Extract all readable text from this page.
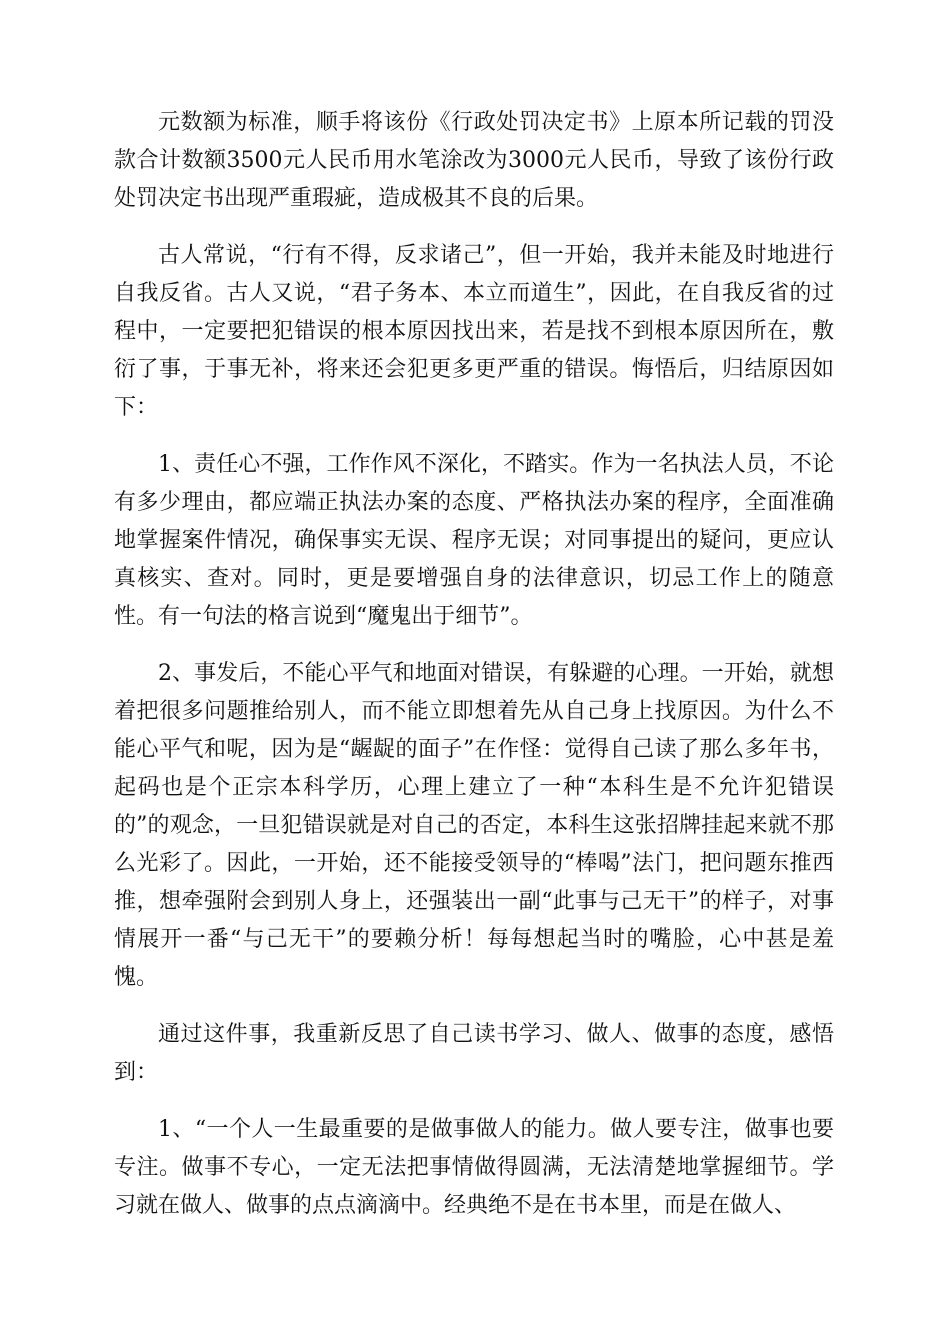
元数额为标准，顺手将该份《行政处罚决定书》上原本所记载的罚没款合计数额3500元人民币用水笔涂改为3000元人民币，导致了该份行政处罚决定书出现严重瑕疵，造成极其不良的后果。

古人常说，“行有不得，反求诸己”，但一开始，我并未能及时地进行自我反省。古人又说，“君子务本、本立而道生”，因此，在自我反省的过程中，一定要把犯错误的根本原因找出来，若是找不到根本原因所在，敷衍了事，于事无补，将来还会犯更多更严重的错误。悔悟后，归结原因如下：

1、责任心不强，工作作风不深化，不踏实。作为一名执法人员，不论有多少理由，都应端正执法办案的态度、严格执法办案的程序，全面准确地掌握案件情况，确保事实无误、程序无误；对同事提出的疑问，更应认真核实、查对。同时，更是要增强自身的法律意识，切忌工作上的随意性。有一句法的格言说到“魔鬼出于细节”。

2、事发后，不能心平气和地面对错误，有躲避的心理。一开始，就想着把很多问题推给别人，而不能立即想着先从自己身上找原因。为什么不能心平气和呢，因为是“龌龊的面子”在作怪：觉得自己读了那么多年书，起码也是个正宗本科学历，心理上建立了一种“本科生是不允许犯错误的”的观念，一旦犯错误就是对自己的否定，本科生这张招牌挂起来就不那么光彩了。因此，一开始，还不能接受领导的“棒喝”法门，把问题东推西推，想牵强附会到别人身上，还强装出一副“此事与己无干”的样子，对事情展开一番“与己无干”的要赖分析！每每想起当时的嘴脸，心中甚是羞愧。

通过这件事，我重新反思了自己读书学习、做人、做事的态度，感悟到：

1、“一个人一生最重要的是做事做人的能力。做人要专注，做事也要专注。做事不专心，一定无法把事情做得圆满，无法清楚地掌握细节。学习就在做人、做事的点点滴滴中。经典绝不是在书本里，而是在做人、
